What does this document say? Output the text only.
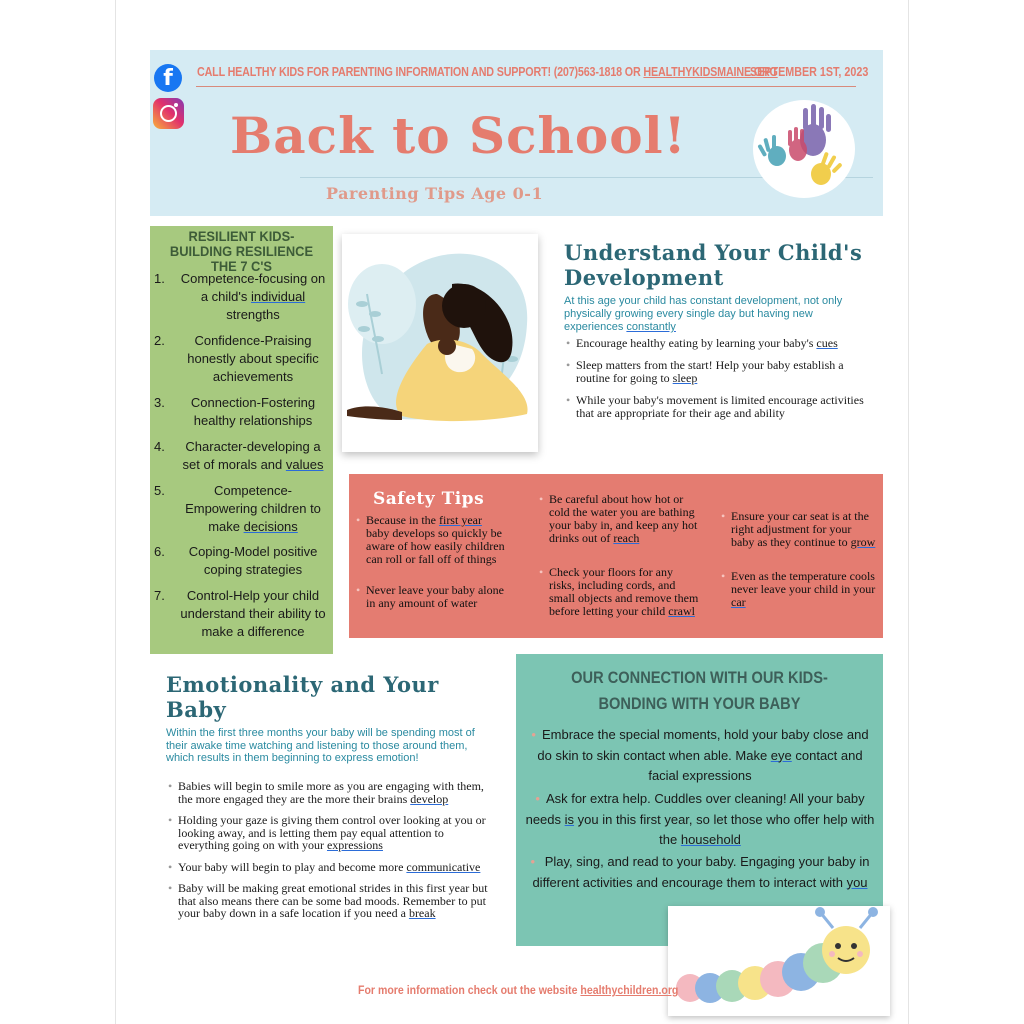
f	CALL HEALTHY KIDS FOR PARENTING INFORMATION AND SUPPORT! (207)563-1818 OR HEALTHYKIDSMAINE.ORG
SEPTEMBER 1ST, 2023
Back to School!
Parenting Tips Age 0-1
RESILIENT KIDS- BUILDING RESILIENCE THE 7 C'S
1.	Competence-focusing on a child's individual strengths
2.	Confidence-Praising honestly about specific achievements
3.	Connection-Fostering healthy relationships
4.	Character-developing a set of morals and values
5.	Competence-Empowering children to make decisions
6.	Coping-Model positive coping strategies
7.	Control-Help your child understand their ability to make a difference
Understand Your Child's Development
At this age your child has constant development, not only physically growing every single day but having new experiences constantly
• Encourage healthy eating by learning your baby's cues
• Sleep matters from the start! Help your baby establish a routine for going to sleep
• While your baby's movement is limited encourage activities that are appropriate for their age and ability
Safety Tips
• Because in the first year baby develops so quickly be aware of how easily children can roll or fall off of things
• Never leave your baby alone in any amount of water
• Be careful about how hot or cold the water you are bathing your baby in, and keep any hot drinks out of reach
• Check your floors for any risks, including cords, and small objects and remove them before letting your child crawl
• Ensure your car seat is at the right adjustment for your baby as they continue to grow
• Even as the temperature cools never leave your child in your car
Emotionality and Your Baby
Within the first three months your baby will be spending most of their awake time watching and listening to those around them, which results in them beginning to express emotion!
• Babies will begin to smile more as you are engaging with them, the more engaged they are the more their brains develop
• Holding your gaze is giving them control over looking at you or looking away, and is letting them pay equal attention to everything going on with your expressions
• Your baby will begin to play and become more communicative
• Baby will be making great emotional strides in this first year but that also means there can be some bad moods. Remember to put your baby down in a safe location if you need a break
OUR CONNECTION WITH OUR KIDS- BONDING WITH YOUR BABY
• Embrace the special moments, hold your baby close and do skin to skin contact when able. Make eye contact and facial expressions
• Ask for extra help. Cuddles over cleaning! All your baby needs is you in this first year, so let those who offer help with the household
• Play, sing, and read to your baby. Engaging your baby in different activities and encourage them to interact with you
For more information check out the website healthychildren.org
